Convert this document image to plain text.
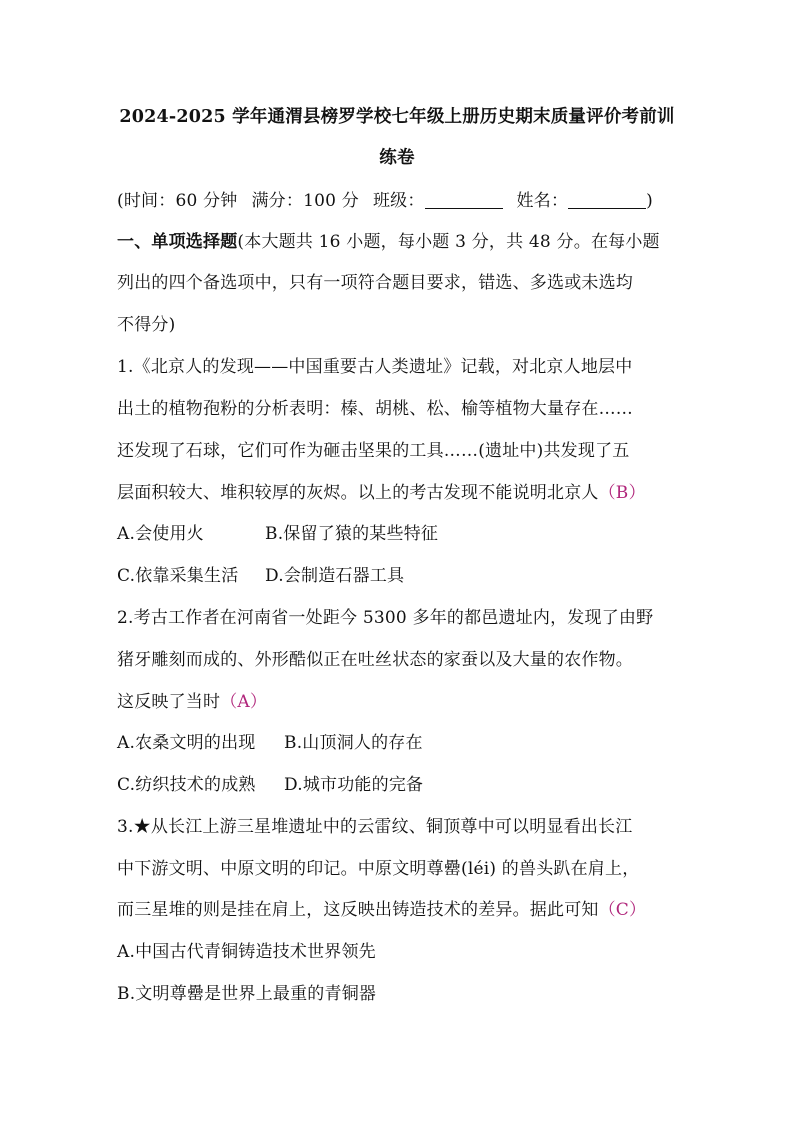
2024-2025 学年通渭县榜罗学校七年级上册历史期末质量评价考前训
练卷
(时间：60 分钟 满分：100 分 班级：	姓名：	)
一、单项选择题(本大题共 16 小题，每小题 3 分，共 48 分。在每小题
列出的四个备选项中，只有一项符合题目要求，错选、多选或未选均
不得分)
1.《北京人的发现——中国重要古人类遗址》记载，对北京人地层中
出土的植物孢粉的分析表明：榛、胡桃、松、榆等植物大量存在……
还发现了石球，它们可作为砸击坚果的工具……(遗址中)共发现了五
层面积较大、堆积较厚的灰烬。以上的考古发现不能说明北京人（B）
A.会使用火	B.保留了猿的某些特征
C.依靠采集生活 D.会制造石器工具
2.考古工作者在河南省一处距今 5300 多年的都邑遗址内，发现了由野
猪牙雕刻而成的、外形酷似正在吐丝状态的家蚕以及大量的农作物。
这反映了当时（A）
A.农桑文明的出现 B.山顶洞人的存在
C.纺织技术的成熟 D.城市功能的完备
3.★从长江上游三星堆遗址中的云雷纹、铜顶尊中可以明显看出长江
中下游文明、中原文明的印记。中原文明尊罍(léi) 的兽头趴在肩上，
而三星堆的则是挂在肩上，这反映出铸造技术的差异。据此可知（C）
A.中国古代青铜铸造技术世界领先
B.文明尊罍是世界上最重的青铜器
